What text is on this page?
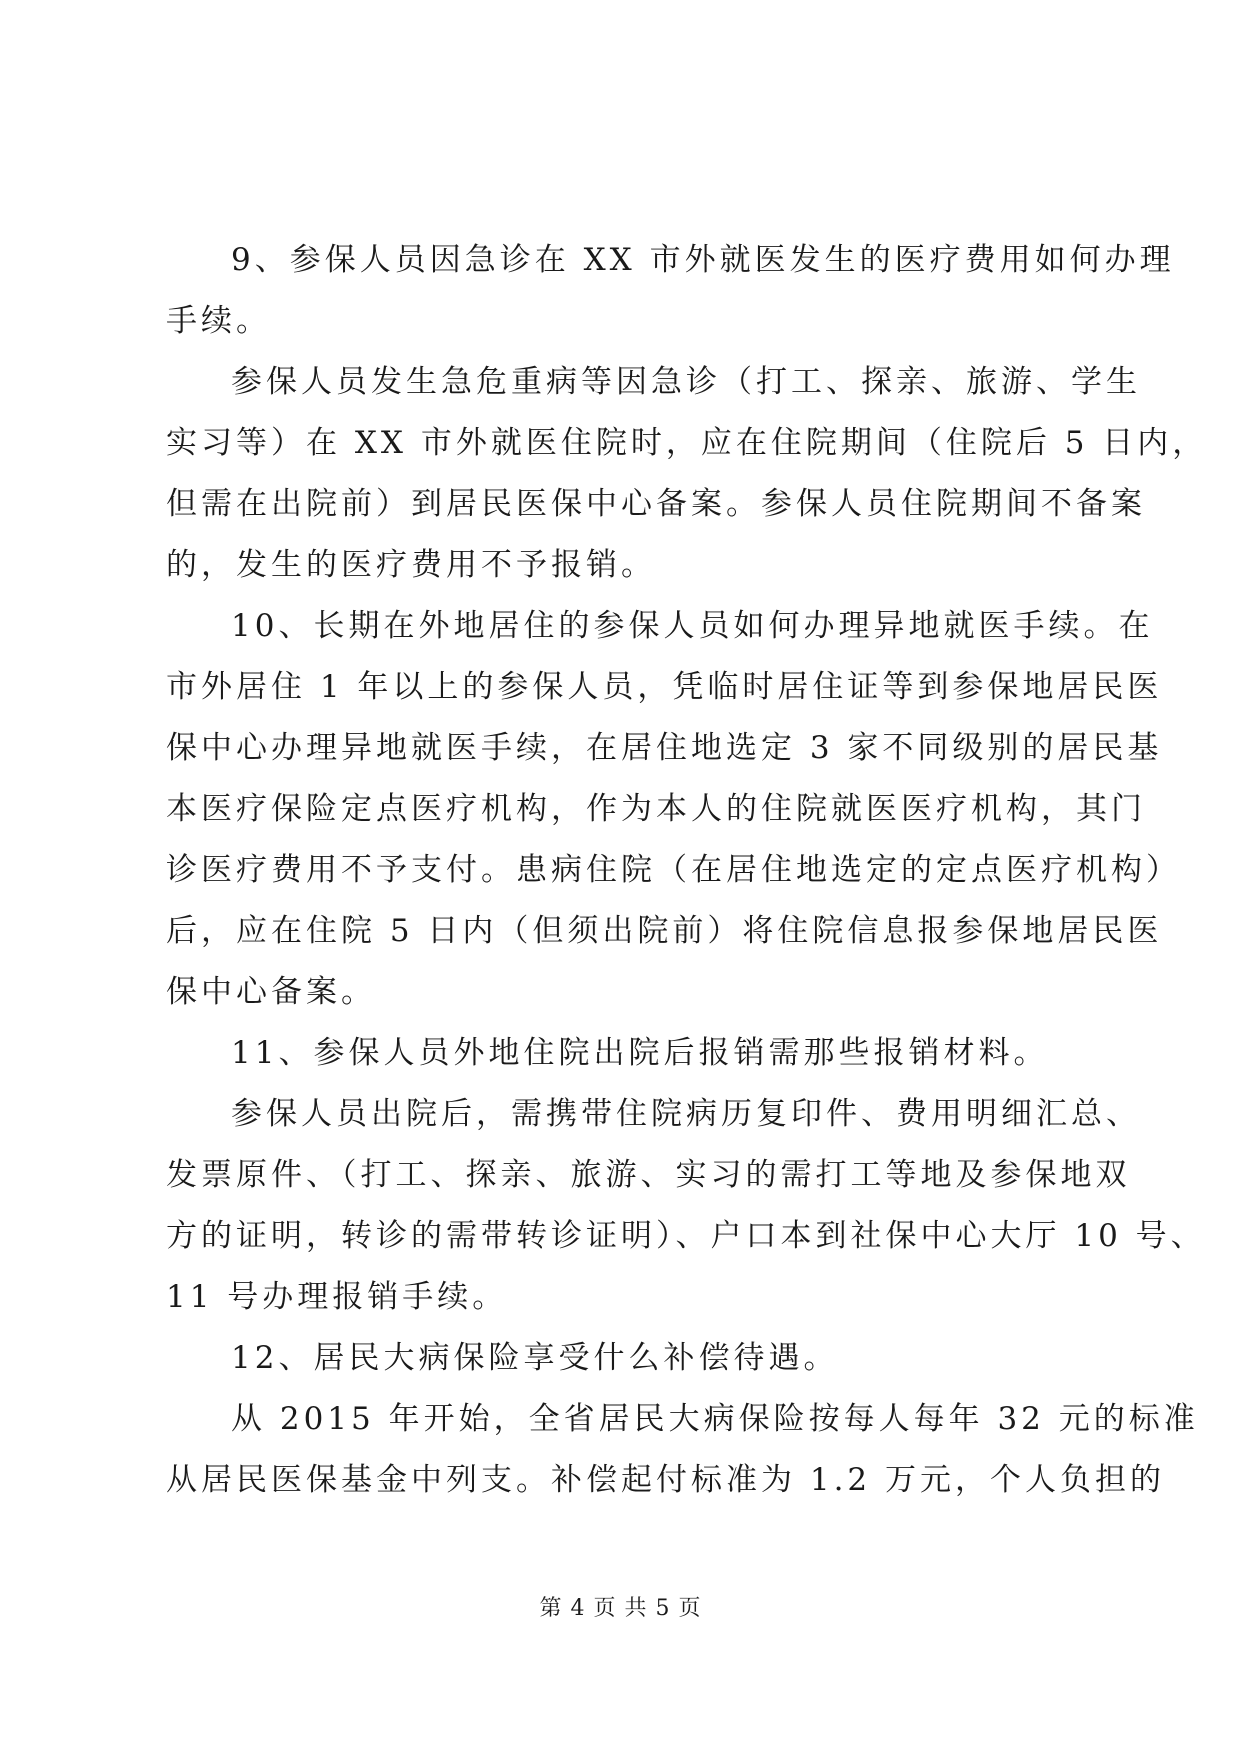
9、参保人员因急诊在 XX 市外就医发生的医疗费用如何办理
手续。
参保人员发生急危重病等因急诊（打工、探亲、旅游、学生
实习等）在 XX 市外就医住院时，应在住院期间（住院后 5 日内，
但需在出院前）到居民医保中心备案。参保人员住院期间不备案
的，发生的医疗费用不予报销。
10、长期在外地居住的参保人员如何办理异地就医手续。在
市外居住 1 年以上的参保人员，凭临时居住证等到参保地居民医
保中心办理异地就医手续，在居住地选定 3 家不同级别的居民基
本医疗保险定点医疗机构，作为本人的住院就医医疗机构，其门
诊医疗费用不予支付。患病住院（在居住地选定的定点医疗机构）
后，应在住院 5 日内（但须出院前）将住院信息报参保地居民医
保中心备案。
11、参保人员外地住院出院后报销需那些报销材料。
参保人员出院后，需携带住院病历复印件、费用明细汇总、
发票原件、（打工、探亲、旅游、实习的需打工等地及参保地双
方的证明，转诊的需带转诊证明）、户口本到社保中心大厅 10 号、
11 号办理报销手续。
12、居民大病保险享受什么补偿待遇。
从 2015 年开始，全省居民大病保险按每人每年 32 元的标准
从居民医保基金中列支。补偿起付标准为 1.2 万元，个人负担的
第 4 页 共 5 页
